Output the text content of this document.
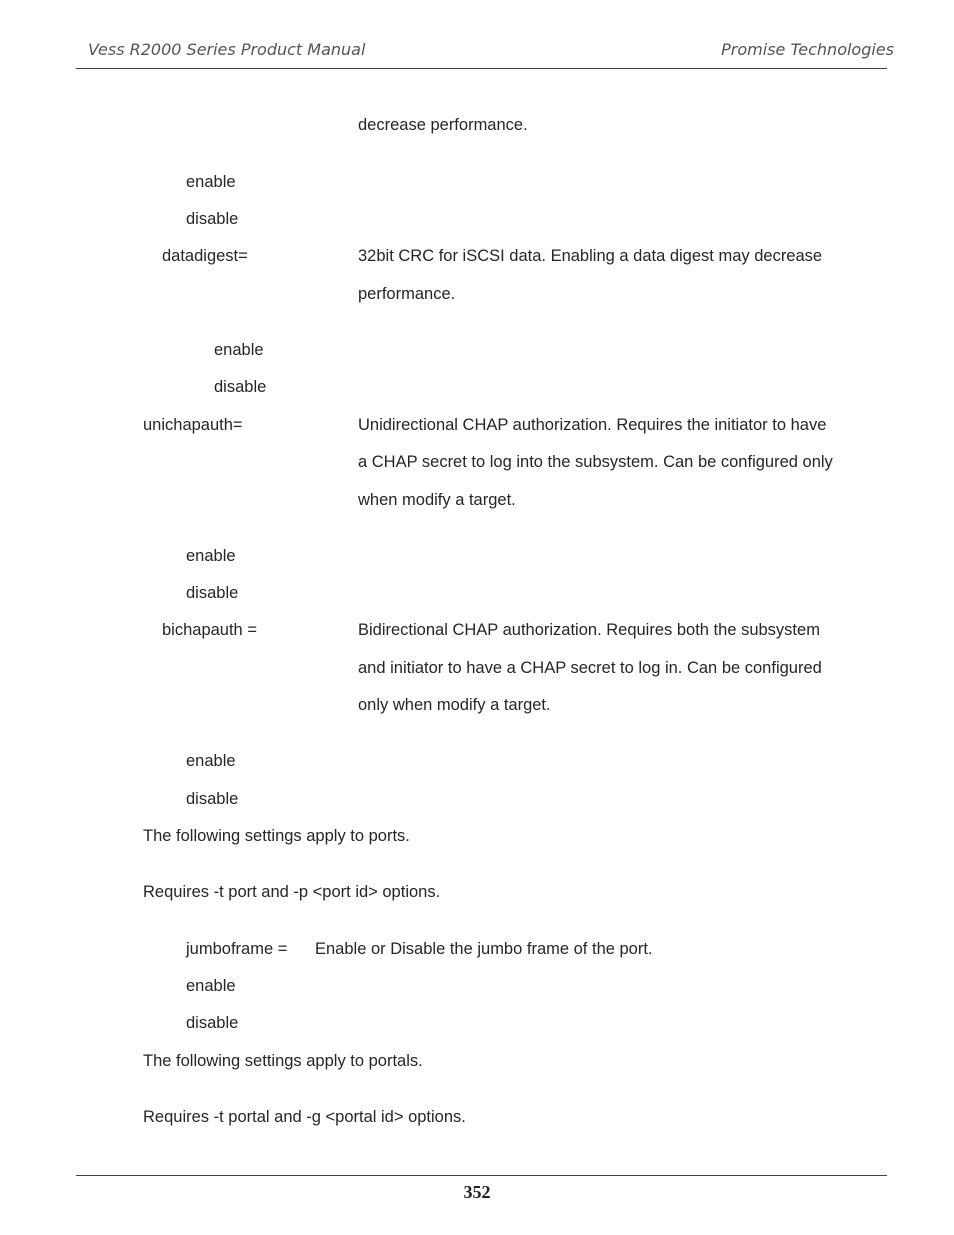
Vess R2000 Series Product Manual	Promise Technologies
decrease performance.
enable
disable
datadigest=	32bit CRC for iSCSI data. Enabling a data digest may decrease
performance.
enable
disable
unichapauth=	Unidirectional CHAP authorization. Requires the initiator to have
a CHAP secret to log into the subsystem. Can be configured only
when modify a target.
enable
disable
bichapauth =	Bidirectional CHAP authorization. Requires both the subsystem
and initiator to have a CHAP secret to log in. Can be configured
only when modify a target.
enable
disable
The following settings apply to ports.
Requires -t port and -p <port id> options.
jumboframe = Enable or Disable the jumbo frame of the port.
enable
disable
The following settings apply to portals.
Requires -t portal and -g <portal id> options.
352
